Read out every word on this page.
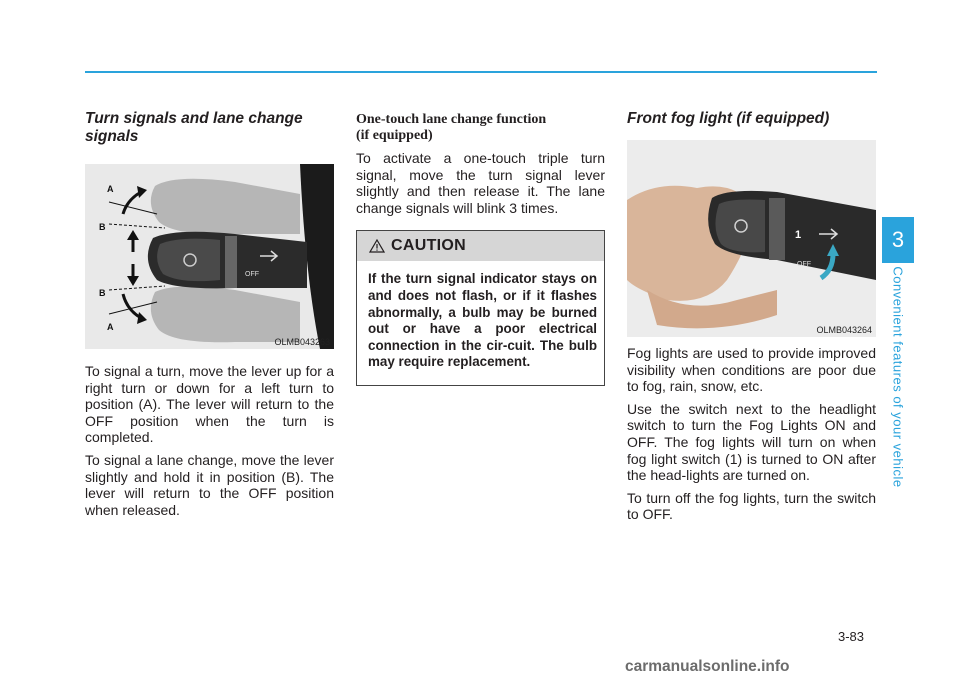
3
Convenient features of your vehicle
Turn signals and lane change signals
OFF
A
B
B
A
OLMB043263

To signal a turn, move the lever up for a right turn or down for a left turn to position (A). The lever will return to the OFF position when the turn is completed.

To signal a lane change, move the lever slightly and hold it in position (B). The lever will return to the OFF position when released.

One-touch lane change function
(if equipped)

To activate a one-touch triple turn signal, move the turn signal lever slightly and then release it. The lane change signals will blink 3 times.

CAUTION
If the turn signal indicator stays on and does not flash, or if it flashes abnormally, a bulb may be burned out or have a poor electrical connection in the cir-cuit. The bulb may require replacement.
Front fog light (if equipped)
1
OFF
OLMB043264

Fog lights are used to provide improved visibility when conditions are poor due to fog, rain, snow, etc.

Use the switch next to the headlight switch to turn the Fog Lights ON and OFF. The fog lights will turn on when fog light switch (1) is turned to ON after the head-lights are turned on.

To turn off the fog lights, turn the switch to OFF.

3-83
carmanualsonline.info
